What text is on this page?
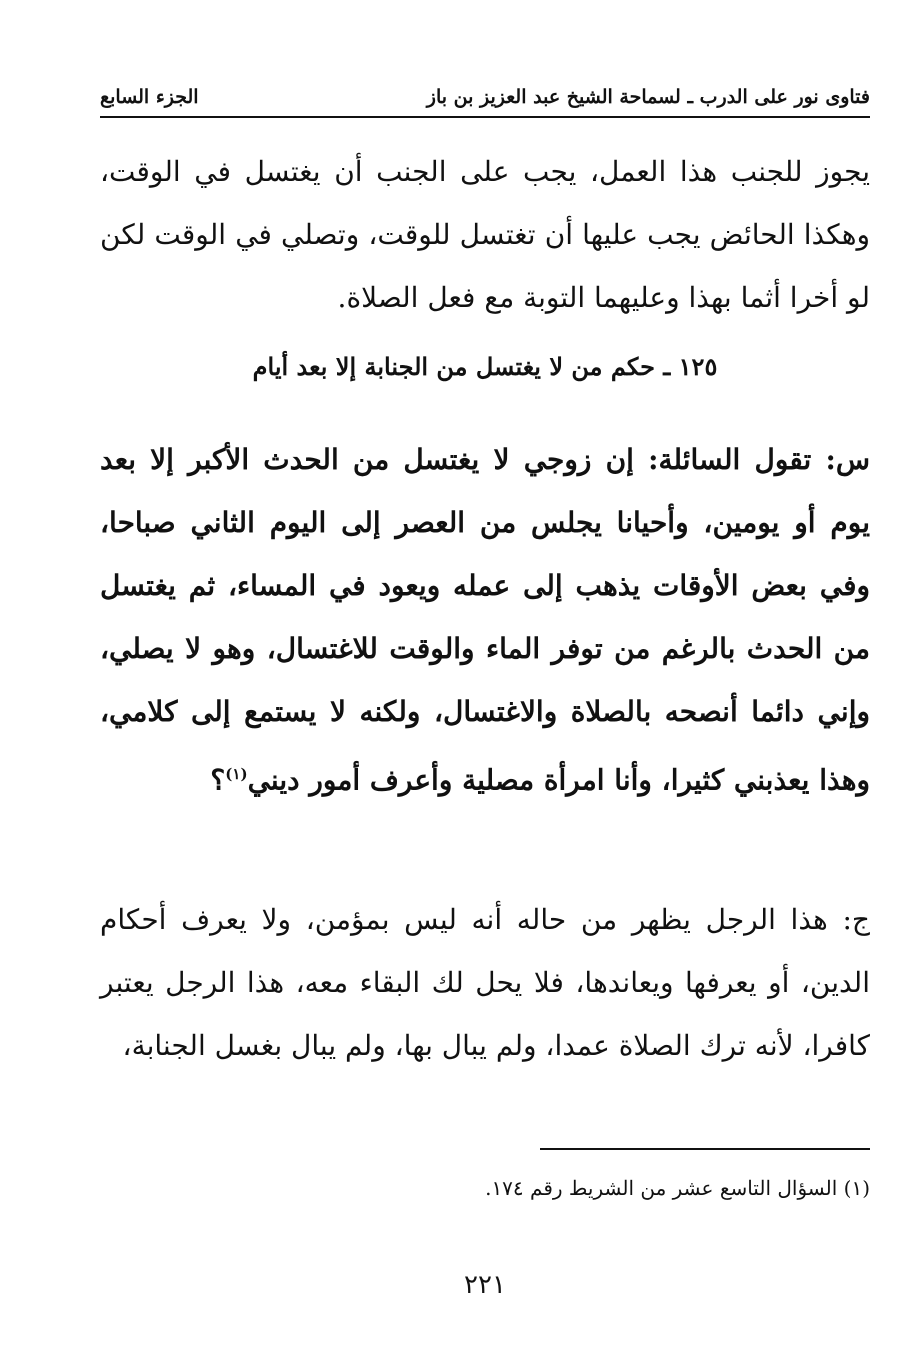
فتاوى نور على الدرب ـ لسماحة الشيخ عبد العزيز بن باز
الجزء السابع
يجوز للجنب هذا العمل، يجب على الجنب أن يغتسل في الوقت، وهكذا الحائض يجب عليها أن تغتسل للوقت، وتصلي في الوقت لكن لو أخرا أثما بهذا وعليهما التوبة مع فعل الصلاة.
١٢٥ ـ حكم من لا يغتسل من الجنابة إلا بعد أيام
س: تقول السائلة: إن زوجي لا يغتسل من الحدث الأكبر إلا بعد يوم أو يومين، وأحيانا يجلس من العصر إلى اليوم الثاني صباحا، وفي بعض الأوقات يذهب إلى عمله ويعود في المساء، ثم يغتسل من الحدث بالرغم من توفر الماء والوقت للاغتسال، وهو لا يصلي، وإني دائما أنصحه بالصلاة والاغتسال، ولكنه لا يستمع إلى كلامي، وهذا يعذبني كثيرا، وأنا امرأة مصلية وأعرف أمور ديني$^{(١)}$؟
ج: هذا الرجل يظهر من حاله أنه ليس بمؤمن، ولا يعرف أحكام الدين، أو يعرفها ويعاندها، فلا يحل لك البقاء معه، هذا الرجل يعتبر كافرا، لأنه ترك الصلاة عمدا، ولم يبال بها، ولم يبال بغسل الجنابة،
(١) السؤال التاسع عشر من الشريط رقم ١٧٤.
٢٢١
